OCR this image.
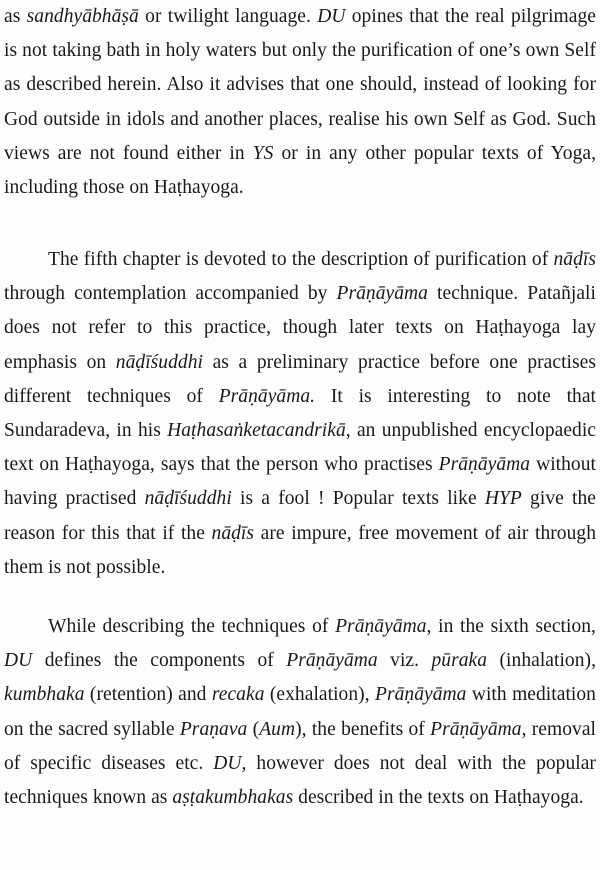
as sandhyābhāṣā or twilight language. DU opines that the real pilgrimage is not taking bath in holy waters but only the purification of one’s own Self as described herein. Also it advises that one should, instead of looking for God outside in idols and another places, realise his own Self as God. Such views are not found either in YS or in any other popular texts of Yoga, including those on Haṭhayoga.

The fifth chapter is devoted to the description of purification of nāḍīs through contemplation accompanied by Prāṇāyāma technique. Patañjali does not refer to this practice, though later texts on Haṭhayoga lay emphasis on nāḍīśuddhi as a preliminary practice before one practises different techniques of Prāṇāyāma. It is interesting to note that Sundaradeva, in his Haṭhasaṅketacandrikā, an unpublished encyclopaedic text on Haṭhayoga, says that the person who practises Prāṇāyāma without having practised nāḍīśuddhi is a fool ! Popular texts like HYP give the reason for this that if the nāḍīs are impure, free movement of air through them is not possible.

While describing the techniques of Prāṇāyāma, in the sixth section, DU defines the components of Prāṇāyāma viz. pūraka (inhalation), kumbhaka (retention) and recaka (exhalation), Prāṇāyāma with meditation on the sacred syllable Praṇava (Aum), the benefits of Prāṇāyāma, removal of specific diseases etc. DU, however does not deal with the popular techniques known as aṣṭakumbhakas described in the texts on Haṭhayoga.
